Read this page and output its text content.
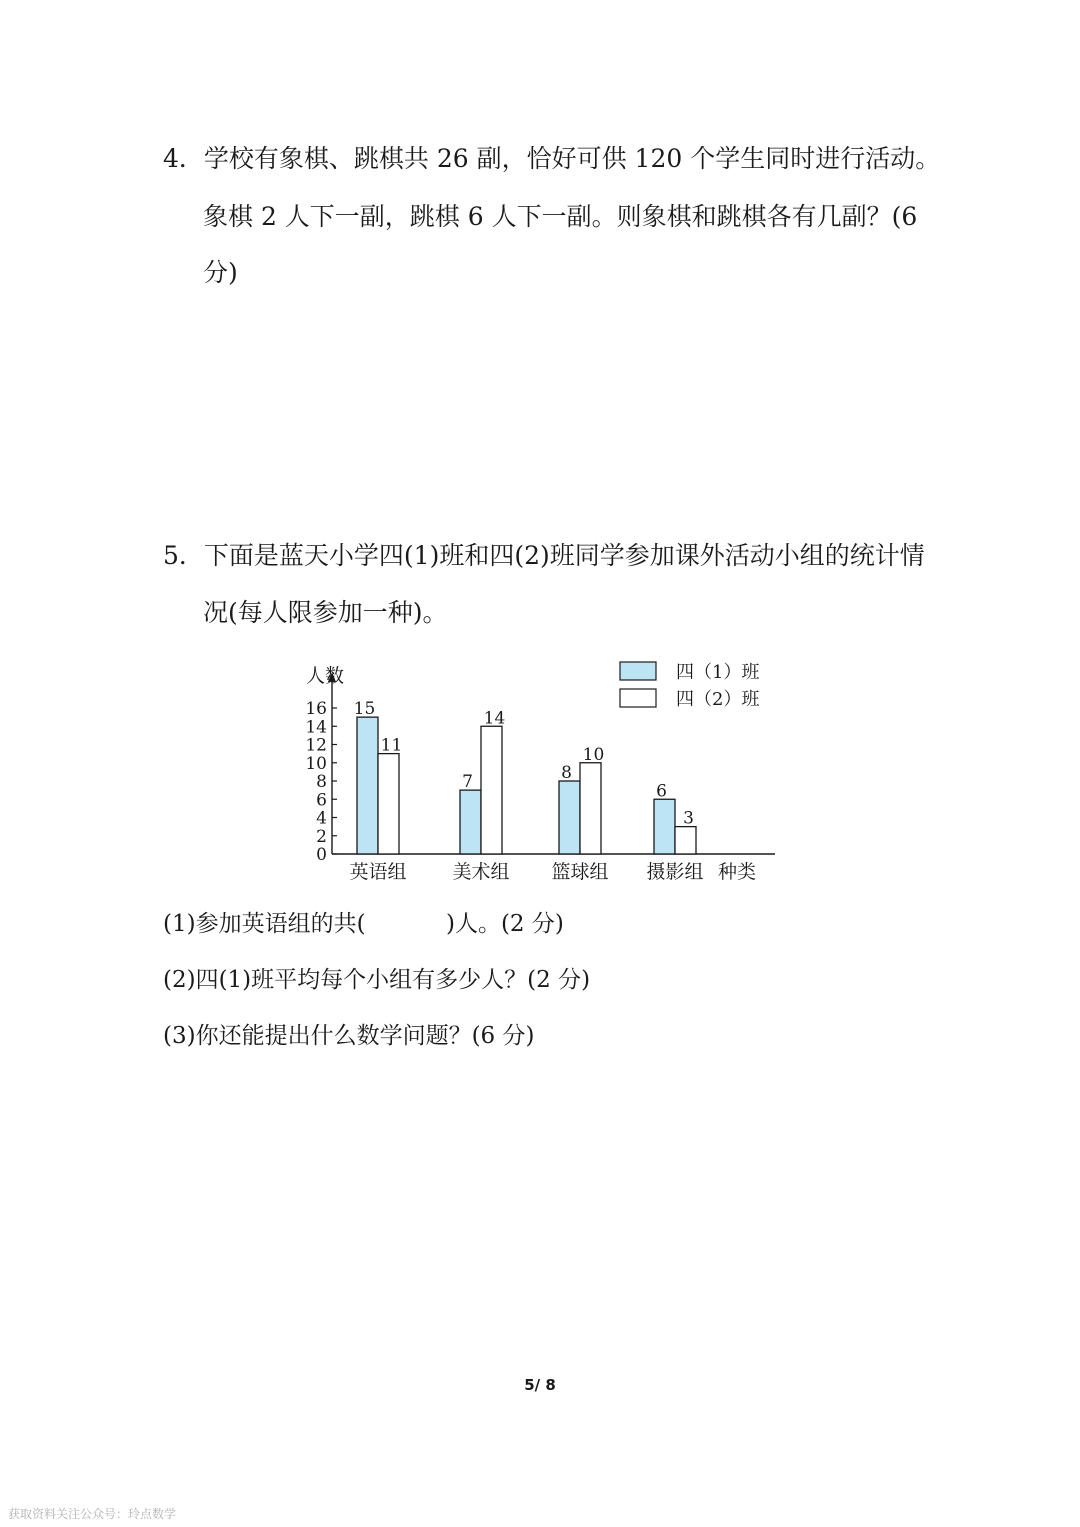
4．学校有象棋、跳棋共 26 副，恰好可供 120 个学生同时进行活动。
象棋 2 人下一副，跳棋 6 人下一副。则象棋和跳棋各有几副？(6
分)
5．下面是蓝天小学四(1)班和四(2)班同学参加课外活动小组的统计情
况(每人限参加一种)。
人数
0
2
4
6
8
10
12
14
16 15
11
英语组
7
14
美术组
8
10
篮球组
6
3
摄影组 种类
四（1）班
四（2）班
(1)参加英语组的共(           )人。(2 分)
(2)四(1)班平均每个小组有多少人？(2 分)
(3)你还能提出什么数学问题？(6 分)
5/ 8
获取资料关注公众号：玲点数学
